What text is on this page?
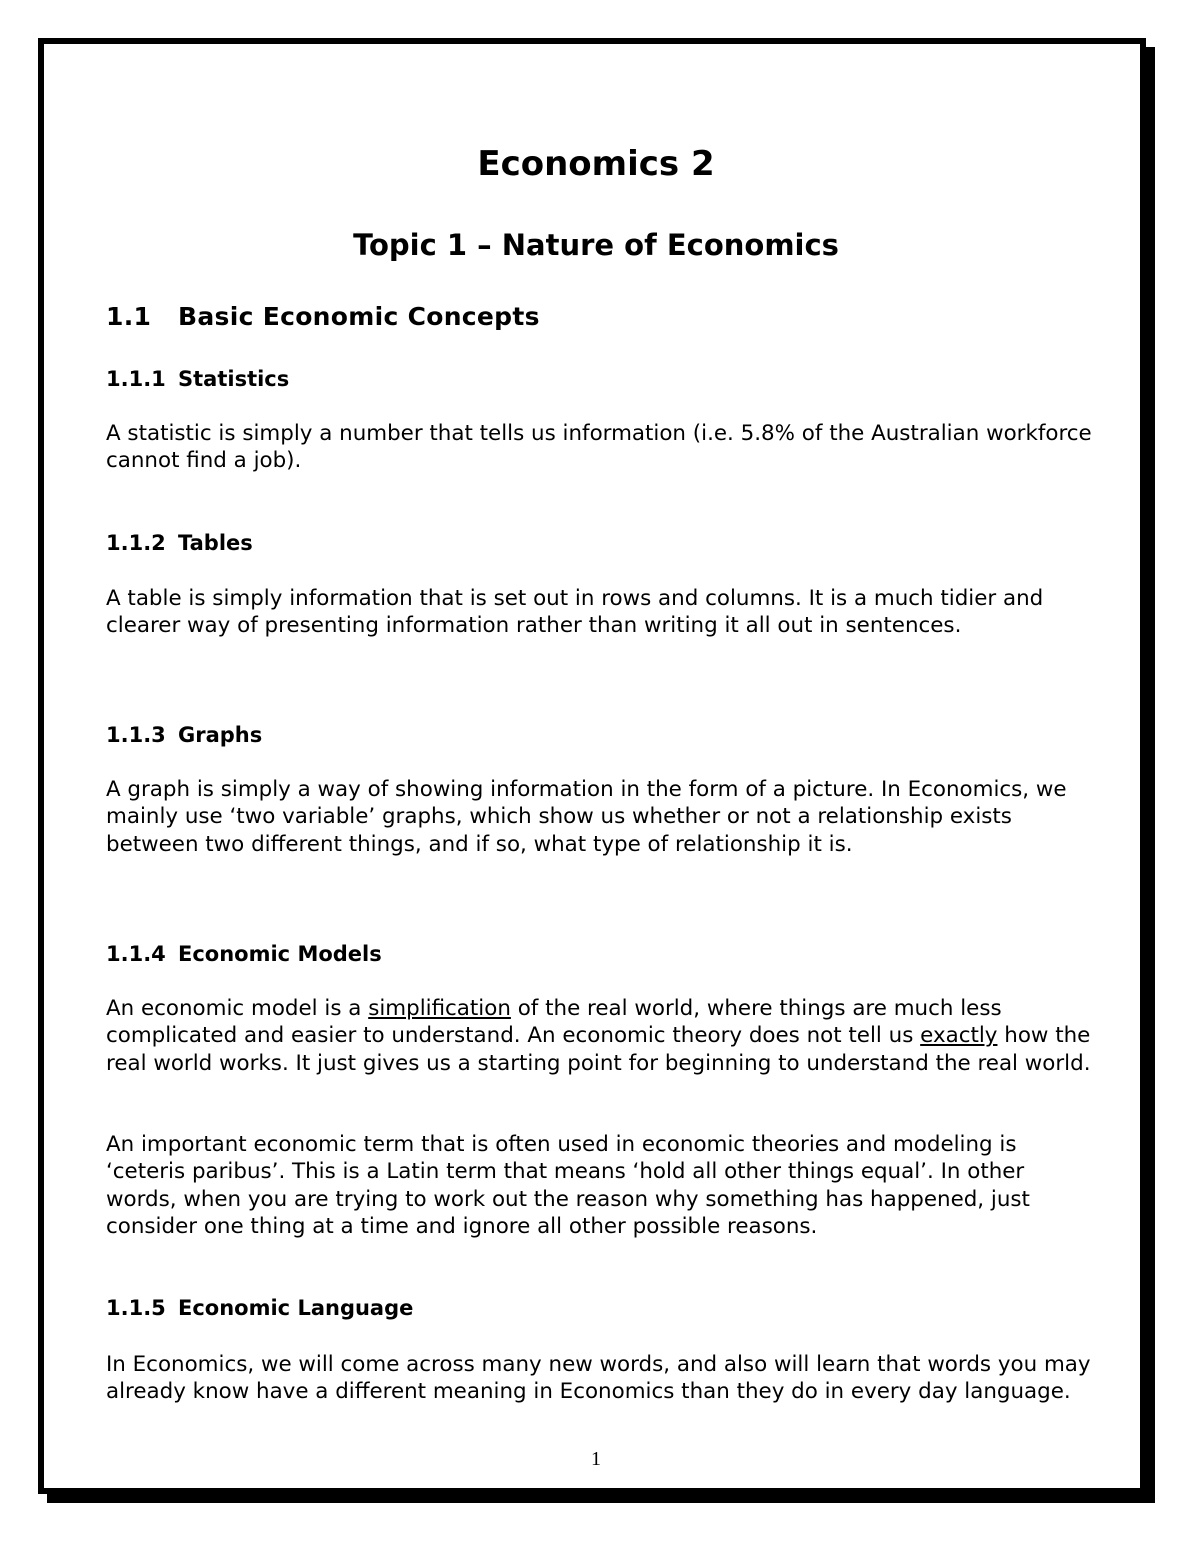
Economics 2
Topic 1 – Nature of Economics
1.1 Basic Economic Concepts
1.1.1 Statistics

A statistic is simply a number that tells us information (i.e. 5.8% of the Australian workforce cannot find a job).

1.1.2 Tables

A table is simply information that is set out in rows and columns. It is a much tidier and clearer way of presenting information rather than writing it all out in sentences.

1.1.3 Graphs

A graph is simply a way of showing information in the form of a picture. In Economics, we mainly use ‘two variable’ graphs, which show us whether or not a relationship exists between two different things, and if so, what type of relationship it is.

1.1.4 Economic Models

An economic model is a simplification of the real world, where things are much less complicated and easier to understand. An economic theory does not tell us exactly how the real world works. It just gives us a starting point for beginning to understand the real world.

An important economic term that is often used in economic theories and modeling is ‘ceteris paribus’. This is a Latin term that means ‘hold all other things equal’. In other words, when you are trying to work out the reason why something has happened, just consider one thing at a time and ignore all other possible reasons.

1.1.5 Economic Language

In Economics, we will come across many new words, and also will learn that words you may already know have a different meaning in Economics than they do in every day language.

1
